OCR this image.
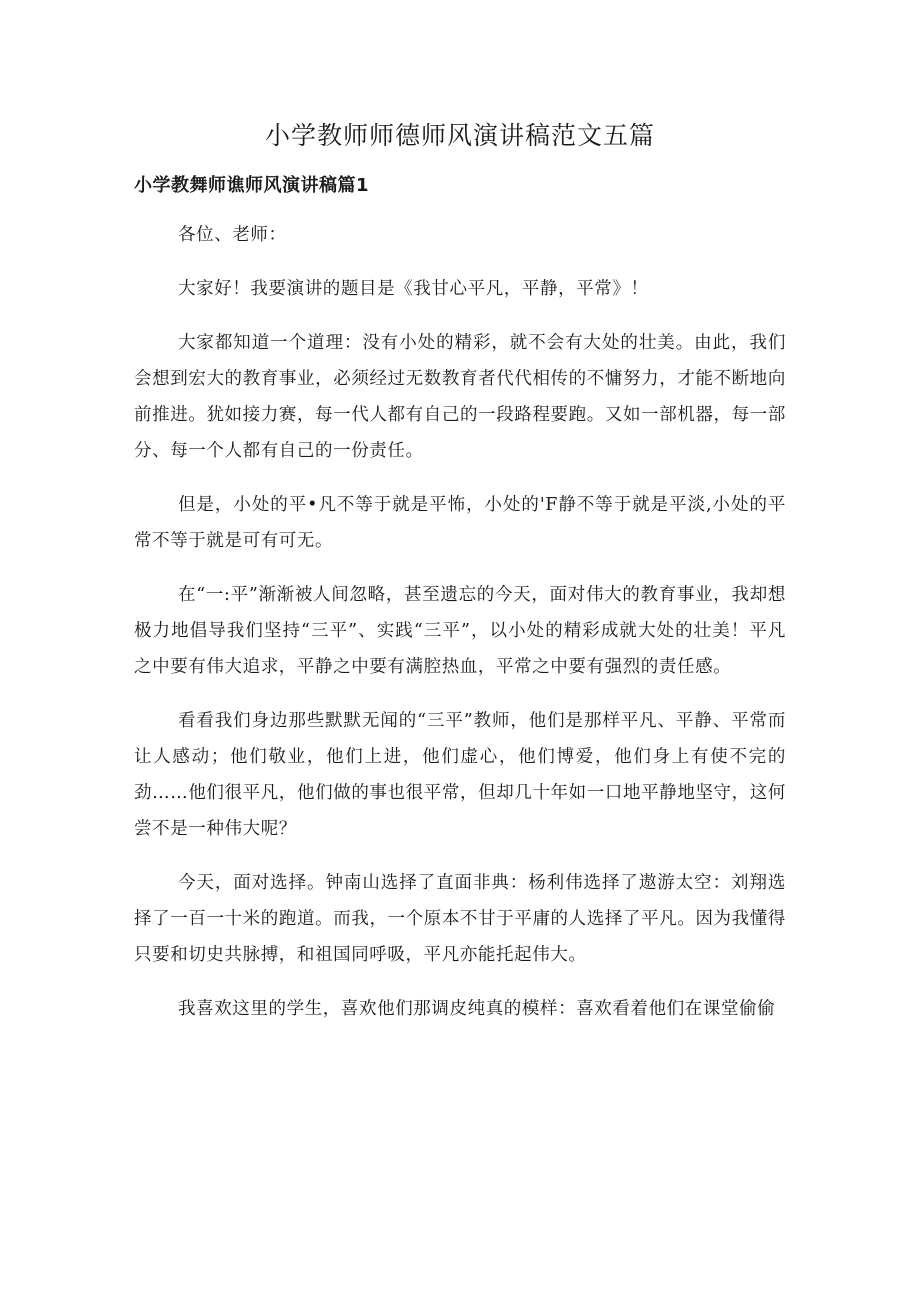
小学教师师德师风演讲稿范文五篇
小学教舞师谯师风演讲稿篇1

各位、老师：

大家好！我要演讲的题目是《我甘心平凡，平静，平常》！

大家都知道一个道理：没有小处的精彩，就不会有大处的壮美。由此，我们会想到宏大的教育事业，必须经过无数教育者代代相传的不慵努力，才能不断地向前推进。犹如接力赛，每一代人都有自己的一段路程要跑。又如一部机器，每一部分、每一个人都有自己的一份责任。

但是，小处的平•凡不等于就是平怖，小处的'F静不等于就是平淡,小处的平常不等于就是可有可无。

在“一:平”渐渐被人间忽略，甚至遗忘的今天，面对伟大的教育事业，我却想极力地倡导我们坚持“三平”、实践“三平”，以小处的精彩成就大处的壮美！平凡之中要有伟大追求，平静之中要有满腔热血，平常之中要有强烈的责任感。

看看我们身边那些默默无闻的“三平”教师，他们是那样平凡、平静、平常而让人感动；他们敬业，他们上进，他们虚心，他们博爱，他们身上有使不完的劲……他们很平凡，他们做的事也很平常，但却几十年如一口地平静地坚守，这何尝不是一种伟大呢？

今天，面对选择。钟南山选择了直面非典：杨利伟选择了遨游太空：刘翔选择了一百一十米的跑道。而我，一个原本不甘于平庸的人选择了平凡。因为我懂得只要和切史共脉搏，和祖国同呼吸，平凡亦能托起伟大。

我喜欢这里的学生，喜欢他们那调皮纯真的模样：喜欢看着他们在课堂偷偷
